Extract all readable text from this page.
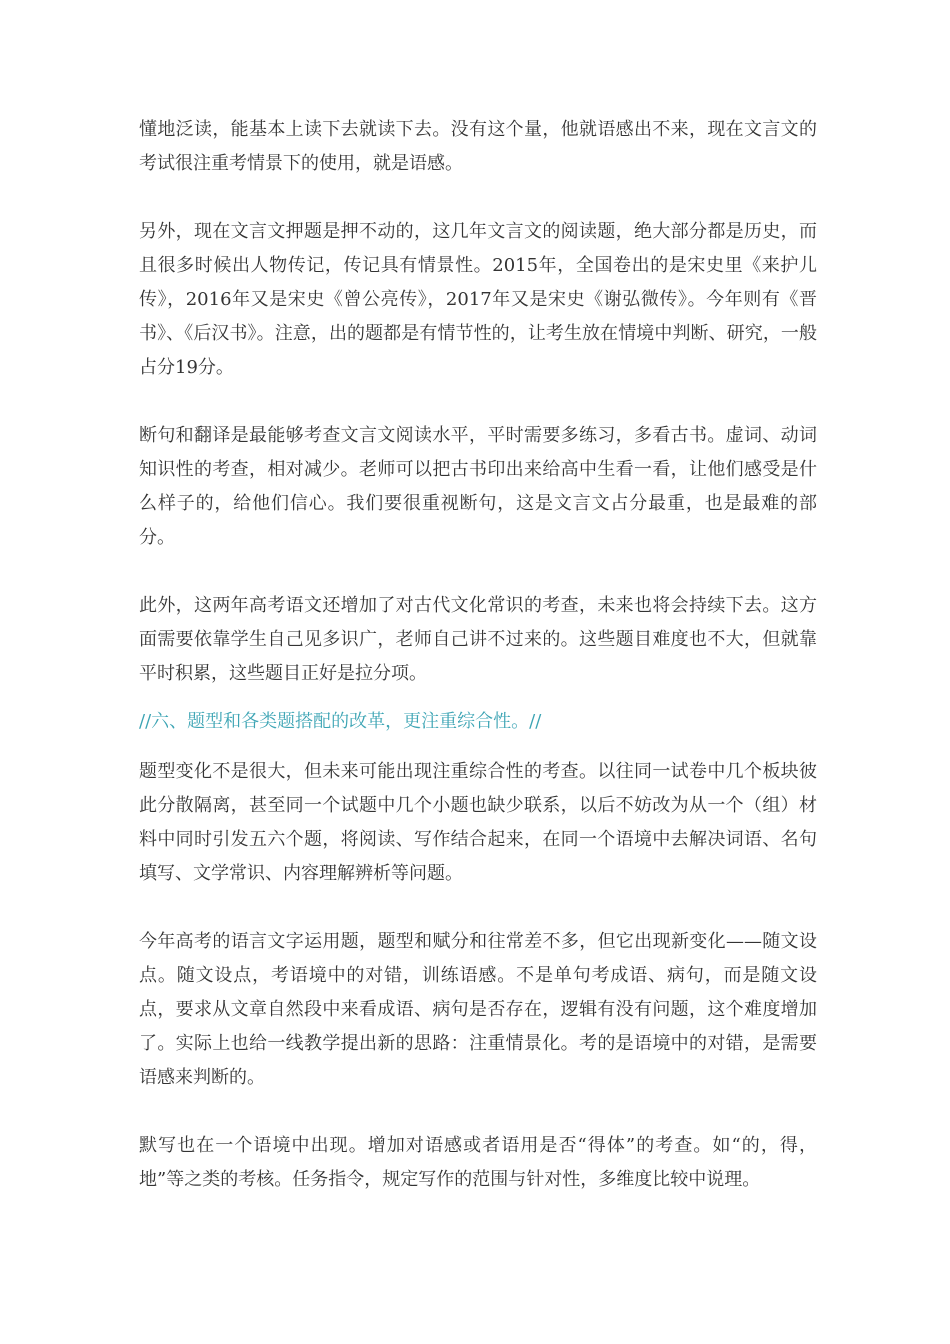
懂地泛读，能基本上读下去就读下去。没有这个量，他就语感出不来，现在文言文的考试很注重考情景下的使用，就是语感。

另外，现在文言文押题是押不动的，这几年文言文的阅读题，绝大部分都是历史，而且很多时候出人物传记，传记具有情景性。2015年，全国卷出的是宋史里《来护儿传》，2016年又是宋史《曾公亮传》，2017年又是宋史《谢弘微传》。今年则有《晋书》、《后汉书》。注意，出的题都是有情节性的，让考生放在情境中判断、研究，一般占分19分。

断句和翻译是最能够考查文言文阅读水平，平时需要多练习，多看古书。虚词、动词知识性的考查，相对减少。老师可以把古书印出来给高中生看一看，让他们感受是什么样子的，给他们信心。我们要很重视断句，这是文言文占分最重，也是最难的部分。

此外，这两年高考语文还增加了对古代文化常识的考查，未来也将会持续下去。这方面需要依靠学生自己见多识广，老师自己讲不过来的。这些题目难度也不大，但就靠平时积累，这些题目正好是拉分项。

//六、题型和各类题搭配的改革，更注重综合性。//

题型变化不是很大，但未来可能出现注重综合性的考查。以往同一试卷中几个板块彼此分散隔离，甚至同一个试题中几个小题也缺少联系，以后不妨改为从一个（组）材料中同时引发五六个题，将阅读、写作结合起来，在同一个语境中去解决词语、名句填写、文学常识、内容理解辨析等问题。

今年高考的语言文字运用题，题型和赋分和往常差不多，但它出现新变化——随文设点。随文设点，考语境中的对错，训练语感。不是单句考成语、病句，而是随文设点，要求从文章自然段中来看成语、病句是否存在，逻辑有没有问题，这个难度增加了。实际上也给一线教学提出新的思路：注重情景化。考的是语境中的对错，是需要语感来判断的。

默写也在一个语境中出现。增加对语感或者语用是否“得体”的考查。如“的，得，地”等之类的考核。任务指令，规定写作的范围与针对性，多维度比较中说理。
